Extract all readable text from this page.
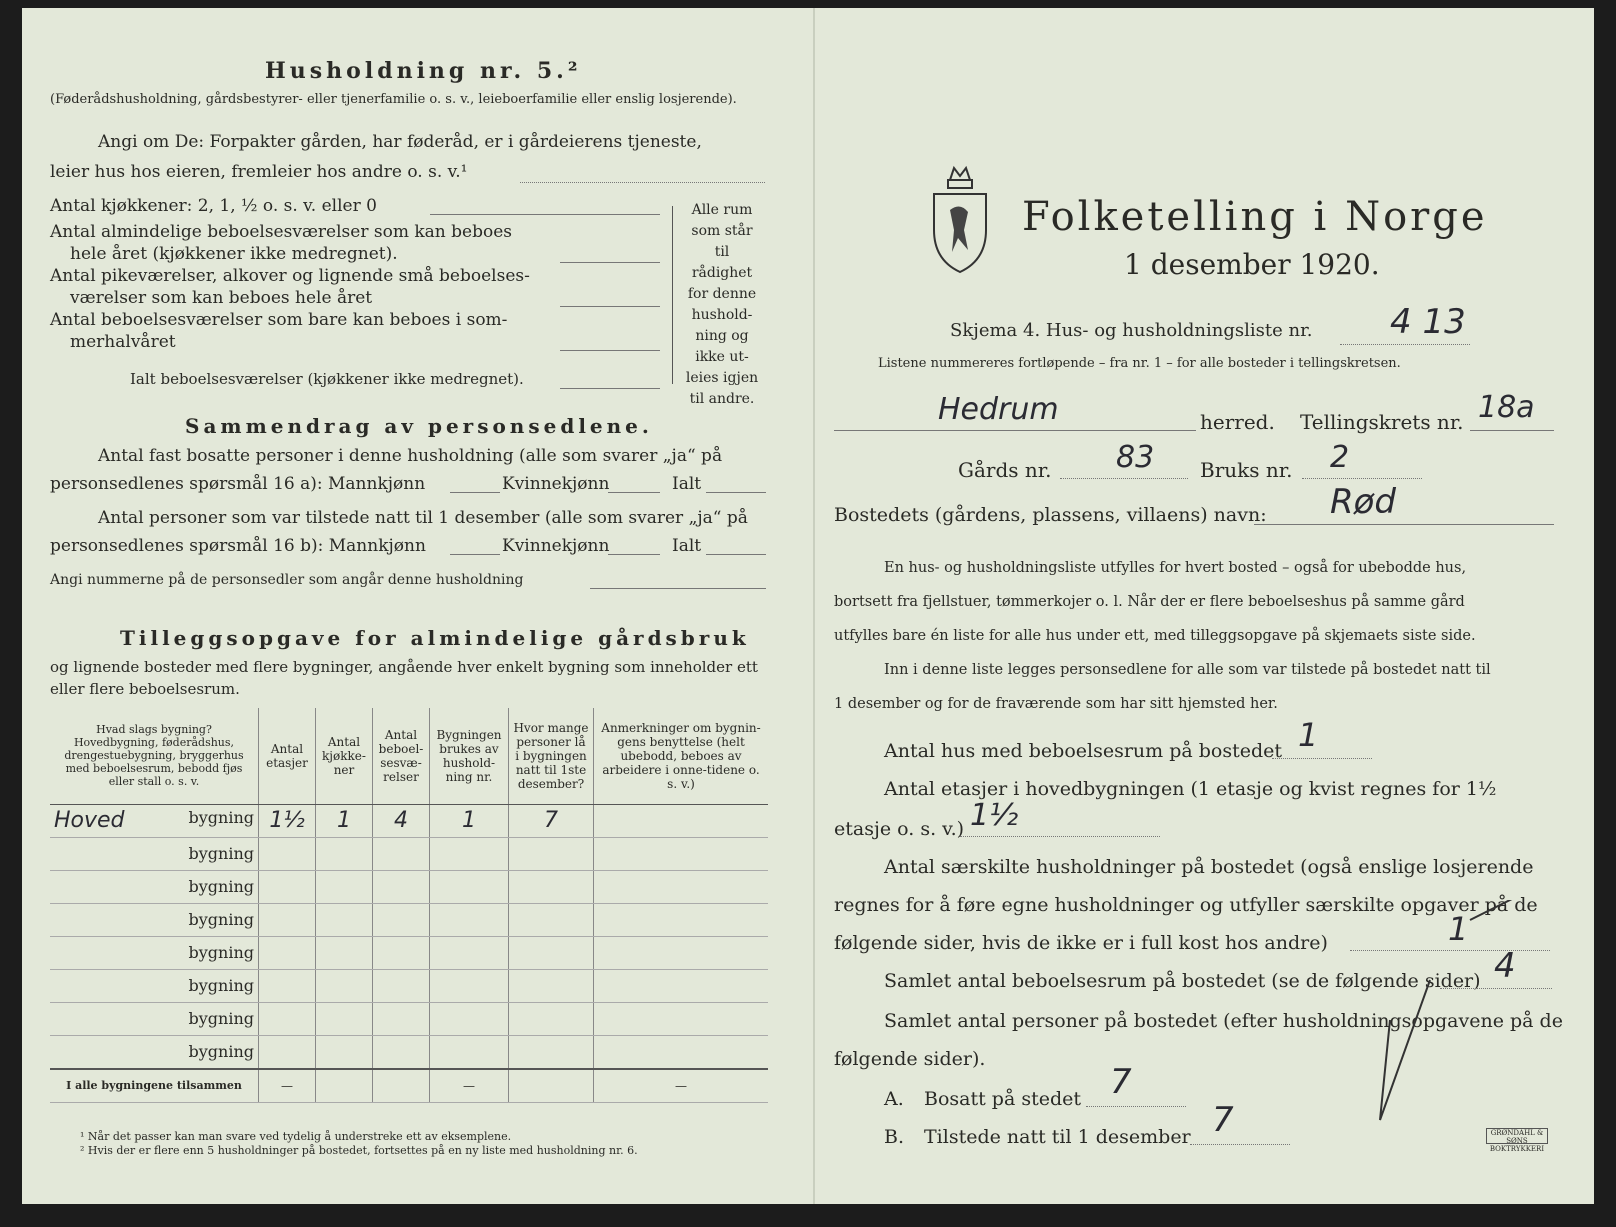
Husholdning nr. 5.²
(Føderådshusholdning, gårdsbestyrer- eller tjenerfamilie o. s. v., leieboerfamilie eller enslig losjerende).
Angi om De: Forpakter gården, har føderåd, er i gårdeierens tjeneste,
leier hus hos eieren, fremleier hos andre o. s. v.¹
Antal kjøkkener: 2, 1, ½ o. s. v. eller 0
Antal almindelige beboelsesværelser som kan beboes
hele året (kjøkkener ikke medregnet).
Antal pikeværelser, alkover og lignende små beboelses-
værelser som kan beboes hele året
Antal beboelsesværelser som bare kan beboes i som-
merhalvåret
Ialt beboelsesværelser (kjøkkener ikke medregnet).
Alle rum
som står til
rådighet
for denne
hushold-
ning og
ikke ut-
leies igjen
til andre.
Sammendrag av personsedlene.
Antal fast bosatte personer i denne husholdning (alle som svarer „ja“ på
personsedlenes spørsmål 16 a): Mannkjønn	Kvinnekjønn	Ialt
Antal personer som var tilstede natt til 1 desember (alle som svarer „ja“ på
personsedlenes spørsmål 16 b): Mannkjønn	Kvinnekjønn	Ialt
Angi nummerne på de personsedler som angår denne husholdning
Tilleggsopgave for almindelige gårdsbruk
og lignende bosteder med flere bygninger, angående hver enkelt bygning som inneholder ett eller flere beboelsesrum.
Hvad slags bygning? Hovedbygning, føderådshus, drengestuebygning, bryggerhus med beboelsesrum, bebodd fjøs eller stall o. s. v.	Antal etasjer	Antal kjøkke-ner	Antal beboel-sesvæ-relser	Bygningen brukes av hushold-ning nr.	Hvor mange personer lå i bygningen natt til 1ste desember?	Anmerkninger om bygnin-gens benyttelse (helt ubebodd, beboes av arbeidere i onne-tidene o. s. v.)

Hoved bygning	1½	1	4	1	7	

bygning						

bygning						

bygning						

bygning						

bygning						

bygning						

bygning						
I alle bygningene tilsammen	—			—		—
¹ Når det passer kan man svare ved tydelig å understreke ett av eksemplene.
² Hvis der er flere enn 5 husholdninger på bostedet, fortsettes på en ny liste med husholdning nr. 6.
Folketelling i Norge
1 desember 1920.
Skjema 4. Hus- og husholdningsliste nr. 4 13
Listene nummereres fortløpende – fra nr. 1 – for alle bosteder i tellingskretsen.
Hedrum	herred. Tellingskrets nr. 18a
Gårds nr. 83 Bruks nr. 2
Bostedets (gårdens, plassens, villaens) navn: Rød
En hus- og husholdningsliste utfylles for hvert bosted – også for ubebodde hus,
bortsett fra fjellstuer, tømmerkojer o. l. Når der er flere beboelseshus på samme gård
utfylles bare én liste for alle hus under ett, med tilleggsopgave på skjemaets siste side.
Inn i denne liste legges personsedlene for alle som var tilstede på bostedet natt til
1 desember og for de fraværende som har sitt hjemsted her.
Antal hus med beboelsesrum på bostedet 1
Antal etasjer i hovedbygningen (1 etasje og kvist regnes for 1½
etasje o. s. v.) 1½
Antal særskilte husholdninger på bostedet (også enslige losjerende
regnes for å føre egne husholdninger og utfyller særskilte opgaver på de
følgende sider, hvis de ikke er i full kost hos andre)	1
Samlet antal beboelsesrum på bostedet (se de følgende sider) 4
Samlet antal personer på bostedet (efter husholdningsopgavene på de
følgende sider).
A. Bosatt på stedet 7
B. Tilstede natt til 1 desember 7	GRØNDAHL & SØNS BOKTRYKKERI
